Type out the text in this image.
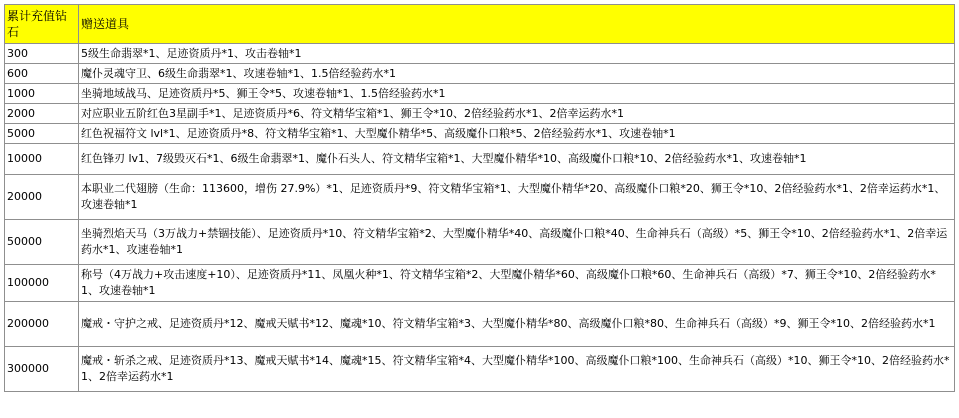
累计充值钻石	赠送道具
300	5级生命翡翠*1、足迹资质丹*1、攻击卷轴*1
600	魔仆灵魂守卫、6级生命翡翠*1、攻速卷轴*1、1.5倍经验药水*1
1000	坐骑地域战马、足迹资质丹*5、狮王令*5、攻速卷轴*1、1.5倍经验药水*1
2000	对应职业五阶红色3星副手*1、足迹资质丹*6、符文精华宝箱*1、狮王令*10、2倍经验药水*1、2倍幸运药水*1
5000	红色祝福符文 lvl*1、足迹资质丹*8、符文精华宝箱*1、大型魔仆精华*5、高级魔仆口粮*5、2倍经验药水*1、攻速卷轴*1
10000	红色锋刃 lv1、7级毁灭石*1、6级生命翡翠*1、魔仆石头人、符文精华宝箱*1、大型魔仆精华*10、高级魔仆口粮*10、2倍经验药水*1、攻速卷轴*1
20000	本职业二代翅膀（生命：113600，增伤 27.9%）*1、足迹资质丹*9、符文精华宝箱*1、大型魔仆精华*20、高级魔仆口粮*20、狮王令*10、2倍经验药水*1、2倍幸运药水*1、攻速卷轴*1
50000	坐骑烈焰天马（3万战力+禁锢技能）、足迹资质丹*10、符文精华宝箱*2、大型魔仆精华*40、高级魔仆口粮*40、生命神兵石（高级）*5、狮王令*10、2倍经验药水*1、2倍幸运药水*1、攻速卷轴*1
100000	称号（4万战力+攻击速度+10）、足迹资质丹*11、凤凰火种*1、符文精华宝箱*2、大型魔仆精华*60、高级魔仆口粮*60、生命神兵石（高级）*7、狮王令*10、2倍经验药水*1、攻速卷轴*1
200000	魔戒・守护之戒、足迹资质丹*12、魔戒天赋书*12、魔魂*10、符文精华宝箱*3、大型魔仆精华*80、高级魔仆口粮*80、生命神兵石（高级）*9、狮王令*10、2倍经验药水*1
300000	魔戒・斩杀之戒、足迹资质丹*13、魔戒天赋书*14、魔魂*15、符文精华宝箱*4、大型魔仆精华*100、高级魔仆口粮*100、生命神兵石（高级）*10、狮王令*10、2倍经验药水*1、2倍幸运药水*1
